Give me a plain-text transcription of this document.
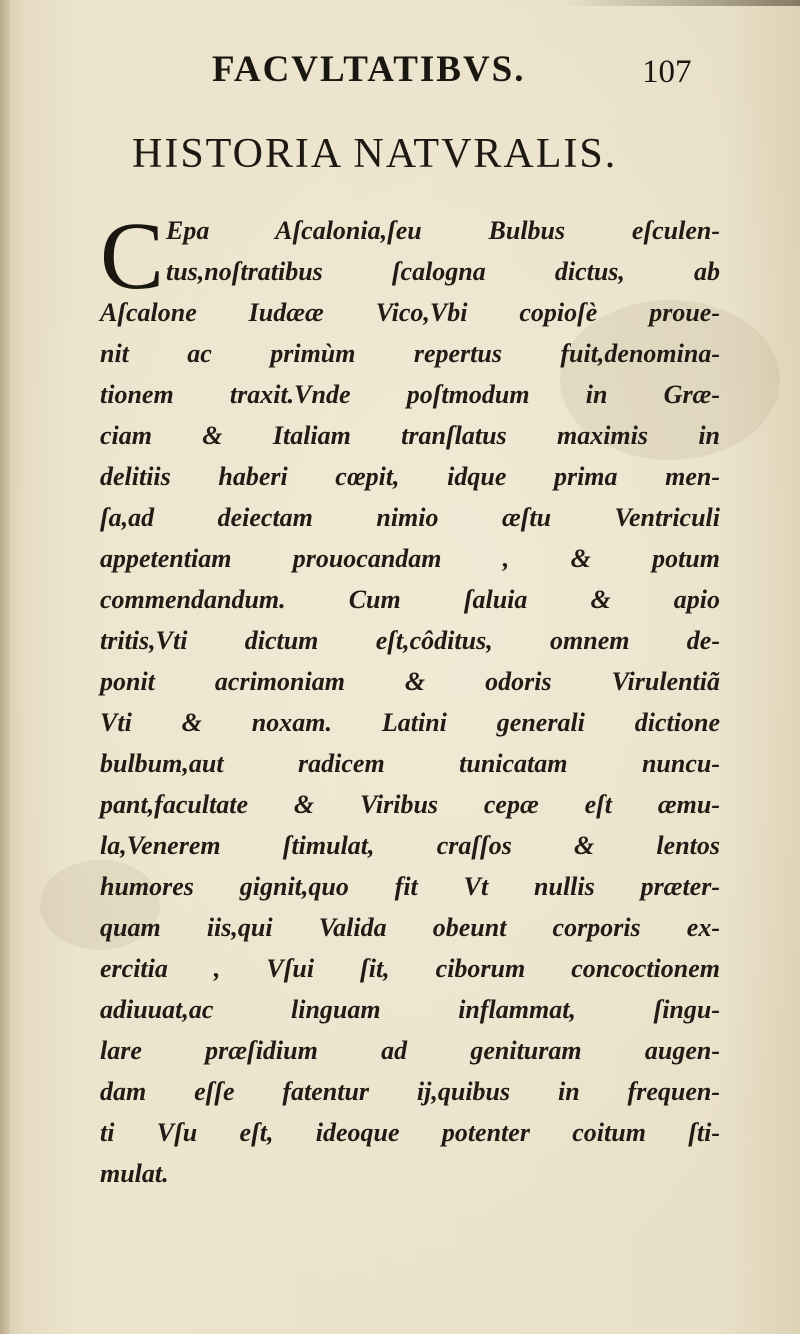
FACVLTATIBVS.	107
HISTORIA NATVRALIS.
C Epa Aſcalonia,ſeu Bulbus eſculen-
tus,noſtratibus ſcalogna dictus, ab
Aſcalone Iudææ Vico,Vbi copioſè proue-
nit ac primùm repertus fuit,denomina-
tionem traxit.Vnde poſtmodum in Græ-
ciam & Italiam tranſlatus maximis in
delitiis haberi cœpit, idque prima men-
ſa,ad deiectam nimio æſtu Ventriculi
appetentiam prouocandam , & potum
commendandum. Cum ſaluia & apio
tritis,Vti dictum eſt,côditus, omnem de-
ponit acrimoniam & odoris Virulentiã
Vti & noxam. Latini generali dictione
bulbum,aut radicem tunicatam nuncu-
pant,facultate & Viribus cepæ eſt æmu-
la,Venerem ſtimulat, craſſos & lentos
humores gignit,quo fit Vt nullis præter-
quam iis,qui Valida obeunt corporis ex-
ercitia , Vſui ſit, ciborum concoctionem
adiuuat,ac linguam inflammat, ſingu-
lare præſidium ad genituram augen-
dam eſſe fatentur ij,quibus in frequen-
ti Vſu eſt, ideoque potenter coitum ſti-
mulat.
